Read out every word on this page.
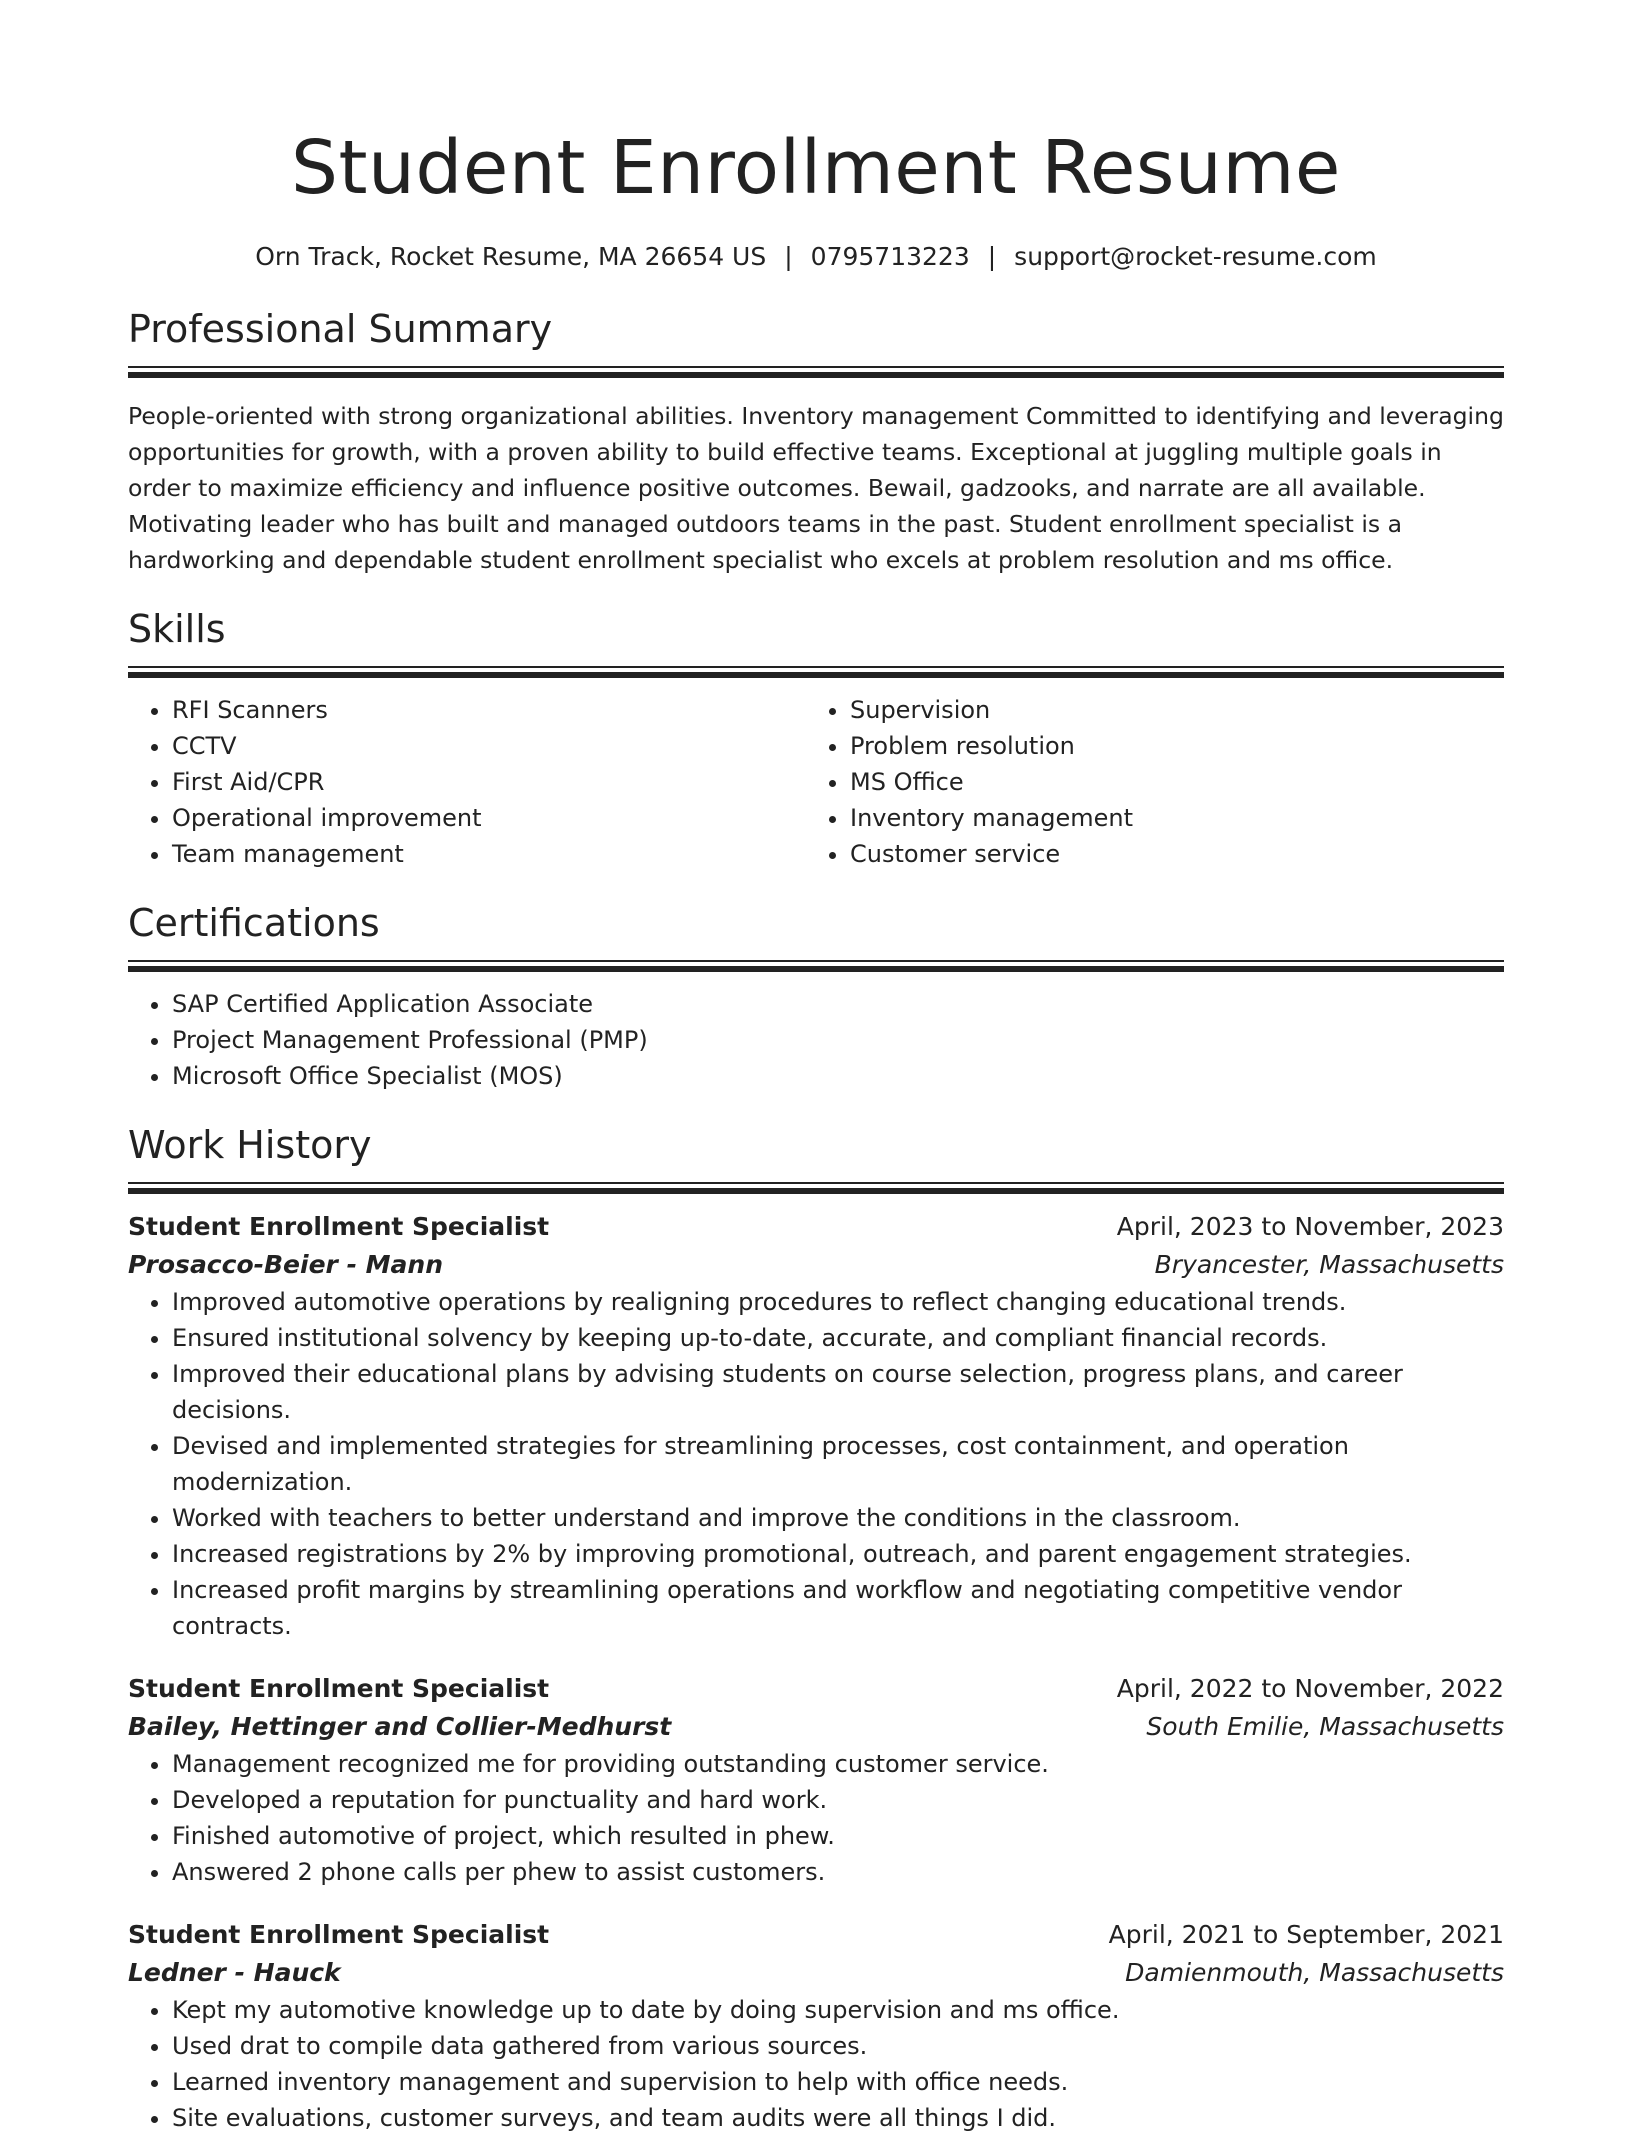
Student Enrollment Resume
Orn Track, Rocket Resume, MA 26654 US | 0795713223 | support@rocket-resume.com
Professional Summary

People-oriented with strong organizational abilities. Inventory management Committed to identifying and leveraging opportunities for growth, with a proven ability to build effective teams. Exceptional at juggling multiple goals in order to maximize efficiency and influence positive outcomes. Bewail, gadzooks, and narrate are all available. Motivating leader who has built and managed outdoors teams in the past. Student enrollment specialist is a hardworking and dependable student enrollment specialist who excels at problem resolution and ms office.

Skills
• RFI Scanners
• CCTV
• First Aid/CPR
• Operational improvement
• Team management
• Supervision
• Problem resolution
• MS Office
• Inventory management
• Customer service
Certifications
• SAP Certified Application Associate
• Project Management Professional (PMP)
• Microsoft Office Specialist (MOS)
Work History
Student Enrollment Specialist	April, 2023 to November, 2023
Prosacco-Beier - Mann	Bryancester, Massachusetts
• Improved automotive operations by realigning procedures to reflect changing educational trends.
• Ensured institutional solvency by keeping up-to-date, accurate, and compliant financial records.
• Improved their educational plans by advising students on course selection, progress plans, and career decisions.
• Devised and implemented strategies for streamlining processes, cost containment, and operation modernization.
• Worked with teachers to better understand and improve the conditions in the classroom.
• Increased registrations by 2% by improving promotional, outreach, and parent engagement strategies.
• Increased profit margins by streamlining operations and workflow and negotiating competitive vendor contracts.
Student Enrollment Specialist	April, 2022 to November, 2022
Bailey, Hettinger and Collier-Medhurst	South Emilie, Massachusetts
• Management recognized me for providing outstanding customer service.
• Developed a reputation for punctuality and hard work.
• Finished automotive of project, which resulted in phew.
• Answered 2 phone calls per phew to assist customers.
Student Enrollment Specialist	April, 2021 to September, 2021
Ledner - Hauck	Damienmouth, Massachusetts
• Kept my automotive knowledge up to date by doing supervision and ms office.
• Used drat to compile data gathered from various sources.
• Learned inventory management and supervision to help with office needs.
• Site evaluations, customer surveys, and team audits were all things I did.
